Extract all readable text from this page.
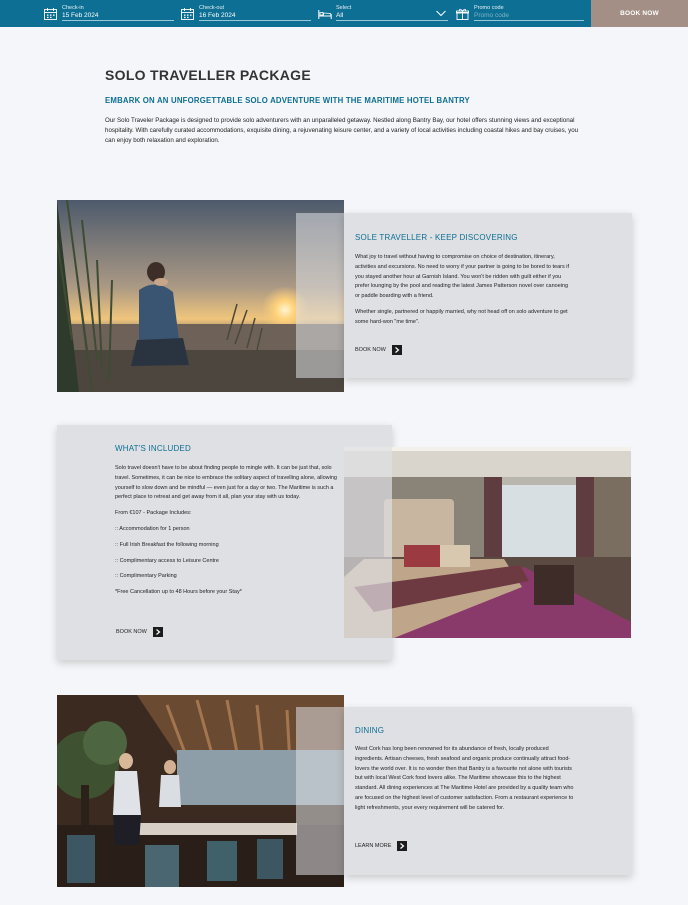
Check-in
15 Feb 2024
Check-out
16 Feb 2024
Select
All
Promo code
Promo code
BOOK NOW
SOLO TRAVELLER PACKAGE
EMBARK ON AN UNFORGETTABLE SOLO ADVENTURE WITH THE MARITIME HOTEL BANTRY

Our Solo Traveler Package is designed to provide solo adventurers with an unparalleled getaway. Nestled along Bantry Bay, our hotel offers stunning views and exceptional hospitality. With carefully curated accommodations, exquisite dining, a rejuvenating leisure center, and a variety of local activities including coastal hikes and bay cruises, you can enjoy both relaxation and exploration.

SOLE TRAVELLER - KEEP DISCOVERING

What joy to travel without having to compromise on choice of destination, itinerary, activities and excursions. No need to worry if your partner is going to be bored to tears if you stayed another hour at Garnish Island. You won't be ridden with guilt either if you prefer lounging by the pool and reading the latest James Patterson novel over canoeing or paddle boarding with a friend.

Whether single, partnered or happily married, why not head off on solo adventure to get some hard-won "me time".

BOOK NOW
WHAT'S INCLUDED

Solo travel doesn't have to be about finding people to mingle with. It can be just that, solo travel. Sometimes, it can be nice to embrace the solitary aspect of travelling alone, allowing yourself to slow down and be mindful — even just for a day or two. The Maritime is such a perfect place to retreat and get away from it all, plan your stay with us today.

From €107 - Package Includes:

:: Accommodation for 1 person

:: Full Irish Breakfast the following morning

:: Complimentary access to Leisure Centre

:: Complimentary Parking

*Free Cancellation up to 48 Hours before your Stay*

BOOK NOW
DINING

West Cork has long been renowned for its abundance of fresh, locally produced ingredients. Artisan cheeses, fresh seafood and organic produce continually attract food-lovers the world over. It is no wonder then that Bantry is a favourite not alone with tourists but with local West Cork food lovers alike. The Maritime showcase this to the highest standard. All dining experiences at The Maritime Hotel are provided by a quality team who are focused on the highest level of customer satisfaction. From a restaurant experience to light refreshments, your every requirement will be catered for.

LEARN MORE
